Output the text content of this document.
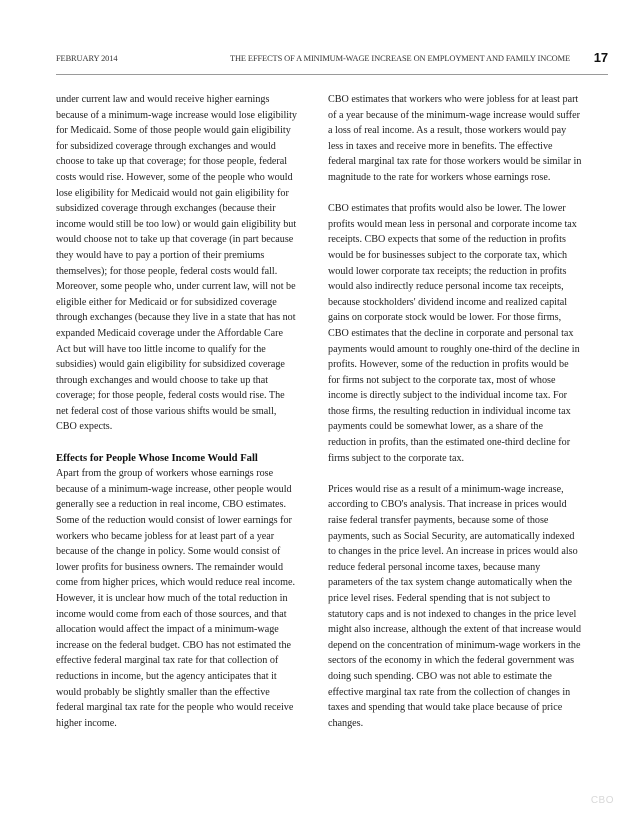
FEBRUARY 2014	THE EFFECTS OF A MINIMUM-WAGE INCREASE ON EMPLOYMENT AND FAMILY INCOME 17

under current law and would receive higher earnings because of a minimum-wage increase would lose eligibility for Medicaid. Some of those people would gain eligibility for subsidized coverage through exchanges and would choose to take up that coverage; for those people, federal costs would rise. However, some of the people who would lose eligibility for Medicaid would not gain eligibility for subsidized coverage through exchanges (because their income would still be too low) or would gain eligibility but would choose not to take up that coverage (in part because they would have to pay a portion of their premiums themselves); for those people, federal costs would fall. Moreover, some people who, under current law, will not be eligible either for Medicaid or for subsidized coverage through exchanges (because they live in a state that has not expanded Medicaid coverage under the Affordable Care Act but will have too little income to qualify for the subsidies) would gain eligibility for subsidized coverage through exchanges and would choose to take up that coverage; for those people, federal costs would rise. The net federal cost of those various shifts would be small, CBO expects.

Effects for People Whose Income Would Fall

Apart from the group of workers whose earnings rose because of a minimum-wage increase, other people would generally see a reduction in real income, CBO estimates. Some of the reduction would consist of lower earnings for workers who became jobless for at least part of a year because of the change in policy. Some would consist of lower profits for business owners. The remainder would come from higher prices, which would reduce real income. However, it is unclear how much of the total reduction in income would come from each of those sources, and that allocation would affect the impact of a minimum-wage increase on the federal budget. CBO has not estimated the effective federal marginal tax rate for that collection of reductions in income, but the agency anticipates that it would probably be slightly smaller than the effective federal marginal tax rate for the people who would receive higher income.

CBO estimates that workers who were jobless for at least part of a year because of the minimum-wage increase would suffer a loss of real income. As a result, those workers would pay less in taxes and receive more in benefits. The effective federal marginal tax rate for those workers would be similar in magnitude to the rate for workers whose earnings rose.

CBO estimates that profits would also be lower. The lower profits would mean less in personal and corporate income tax receipts. CBO expects that some of the reduction in profits would be for businesses subject to the corporate tax, which would lower corporate tax receipts; the reduction in profits would also indirectly reduce personal income tax receipts, because stockholders' dividend income and realized capital gains on corporate stock would be lower. For those firms, CBO estimates that the decline in corporate and personal tax payments would amount to roughly one-third of the decline in profits. However, some of the reduction in profits would be for firms not subject to the corporate tax, most of whose income is directly subject to the individual income tax. For those firms, the resulting reduction in individual income tax payments could be somewhat lower, as a share of the reduction in profits, than the estimated one-third decline for firms subject to the corporate tax.

Prices would rise as a result of a minimum-wage increase, according to CBO's analysis. That increase in prices would raise federal transfer payments, because some of those payments, such as Social Security, are automatically indexed to changes in the price level. An increase in prices would also reduce federal personal income taxes, because many parameters of the tax system change automatically when the price level rises. Federal spending that is not subject to statutory caps and is not indexed to changes in the price level might also increase, although the extent of that increase would depend on the concentration of minimum-wage workers in the sectors of the economy in which the federal government was doing such spending. CBO was not able to estimate the effective marginal tax rate from the collection of changes in taxes and spending that would take place because of price changes.

CBO
